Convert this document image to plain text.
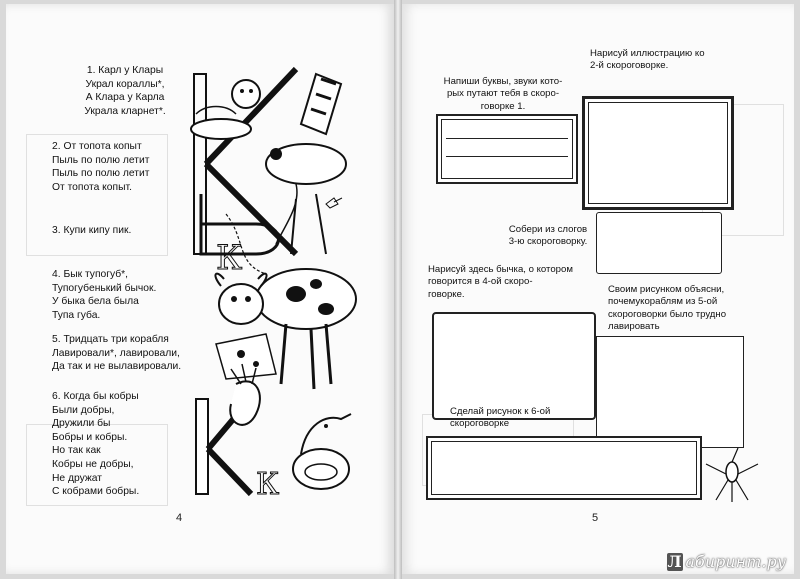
1. Карл у Клары
Украл кораллы*,
А Клара у Карла
Украла кларнет*.
2. От топота копыт
Пыль по полю летит
Пыль по полю летит
От топота копыт.
3. Купи кипу пик.
4. Бык тупогуб*,
Тупогубенький бычок.
У быка бела была
Тупа губа.
5. Тридцать три корабля
Лавировали*, лавировали,
Да так и не вылавировали.
6. Когда бы кобры
Были добры,
Дружили бы
Бобры и кобры.
Но так как
Кобры не добры,
Не дружат
С кобрами бобры.
К
К
4
Напиши буквы, звуки кото-
рых путают тебя в скоро-
говорке 1.
Нарисуй иллюстрацию ко
2-й скороговорке.
Собери из слогов
3-ю скороговорку.
Нарисуй здесь бычка, о котором
говорится в 4-ой скоро-
говорке.	Своим рисунком объясни,
почемукораблям из 5-ой
скороговорки было трудно
лавировать
Сделай рисунок к 6-ой
скороговорке
5
Л абиринт.ру
